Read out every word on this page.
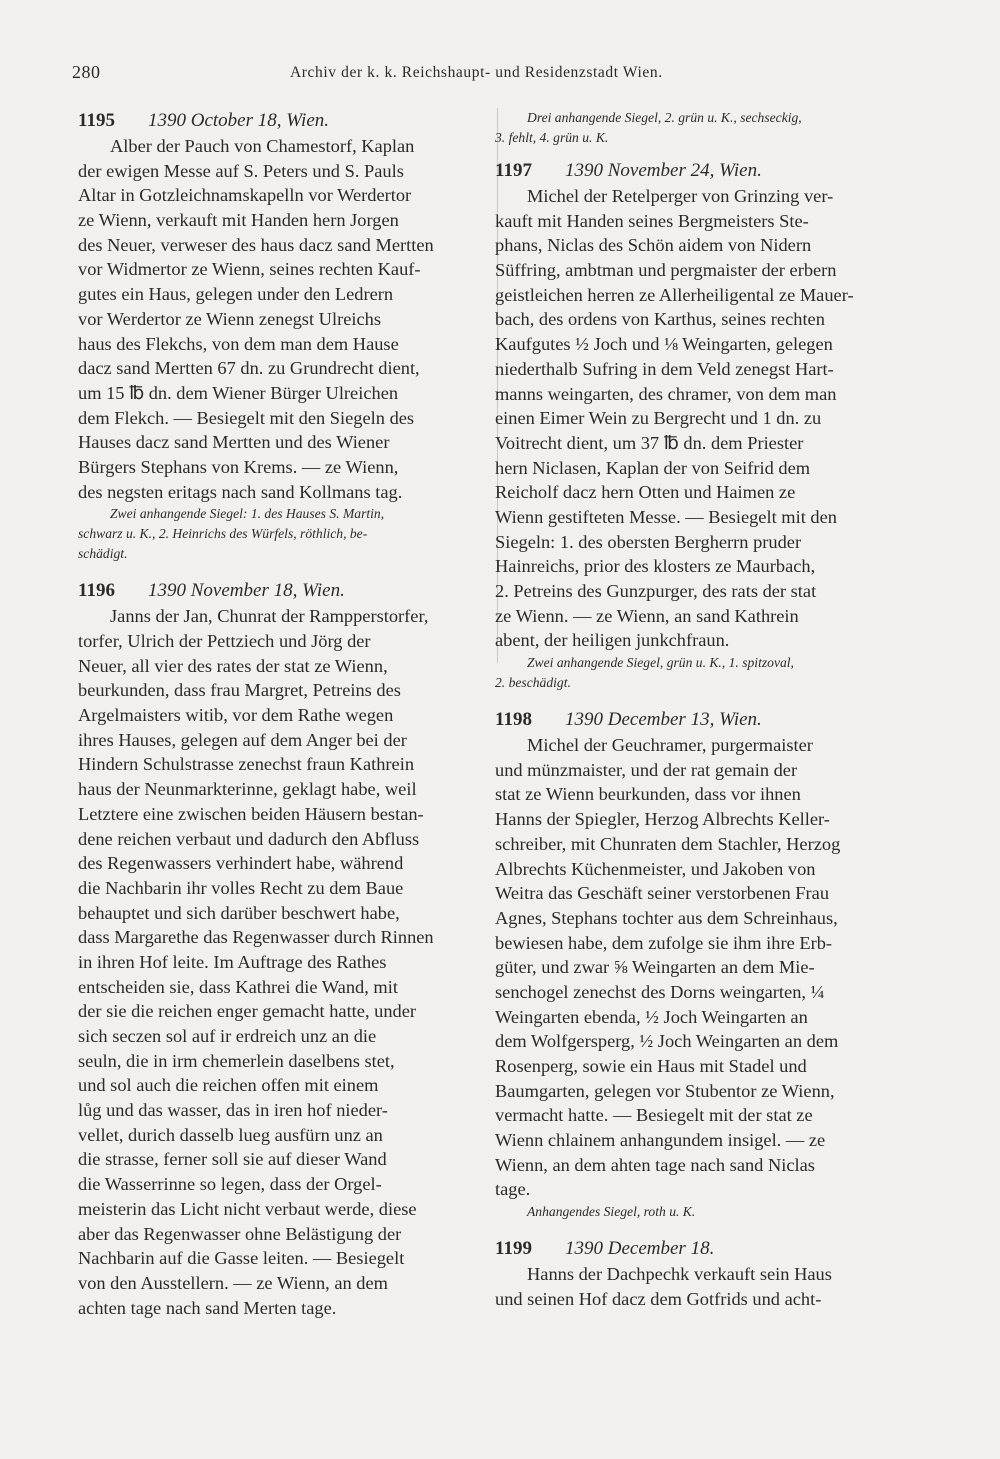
280	Archiv der k. k. Reichshaupt- und Residenzstadt Wien.
1195 1390 October 18, Wien.
Alber der Pauch von Chamestorf, Kaplan
der ewigen Messe auf S. Peters und S. Pauls
Altar in Gotzleichnamskapelln vor Werdertor
ze Wienn, verkauft mit Handen hern Jorgen
des Neuer, verweser des haus dacz sand Mertten
vor Widmertor ze Wienn, seines rechten Kauf-
gutes ein Haus, gelegen under den Ledrern
vor Werdertor ze Wienn zenegst Ulreichs
haus des Flekchs, von dem man dem Hause
dacz sand Mertten 67 dn. zu Grundrecht dient,
um 15 ℔ dn. dem Wiener Bürger Ulreichen
dem Flekch. — Besiegelt mit den Siegeln des
Hauses dacz sand Mertten und des Wiener
Bürgers Stephans von Krems. — ze Wienn,
des negsten eritags nach sand Kollmans tag.
Zwei anhangende Siegel: 1. des Hauses S. Martin,
schwarz u. K., 2. Heinrichs des Würfels, röthlich, be-
schädigt.
1196 1390 November 18, Wien.
Janns der Jan, Chunrat der Rampperstorfer,
torfer, Ulrich der Pettziech und Jörg der
Neuer, all vier des rates der stat ze Wienn,
beurkunden, dass frau Margret, Petreins des
Argelmaisters witib, vor dem Rathe wegen
ihres Hauses, gelegen auf dem Anger bei der
Hindern Schulstrasse zenechst fraun Kathrein
haus der Neunmarkterinne, geklagt habe, weil
Letztere eine zwischen beiden Häusern bestan-
dene reichen verbaut und dadurch den Abfluss
des Regenwassers verhindert habe, während
die Nachbarin ihr volles Recht zu dem Baue
behauptet und sich darüber beschwert habe,
dass Margarethe das Regenwasser durch Rinnen
in ihren Hof leite. Im Auftrage des Rathes
entscheiden sie, dass Kathrei die Wand, mit
der sie die reichen enger gemacht hatte, under
sich seczen sol auf ir erdreich unz an die
seuln, die in irm chemerlein daselbens stet,
und sol auch die reichen offen mit einem
lůg und das wasser, das in iren hof nieder-
vellet, durich dasselb lueg ausfürn unz an
die strasse, ferner soll sie auf dieser Wand
die Wasserrinne so legen, dass der Orgel-
meisterin das Licht nicht verbaut werde, diese
aber das Regenwasser ohne Belästigung der
Nachbarin auf die Gasse leiten. — Besiegelt
von den Ausstellern. — ze Wienn, an dem
achten tage nach sand Merten tage.
Drei anhangende Siegel, 2. grün u. K., sechseckig,
3. fehlt, 4. grün u. K.
1197 1390 November 24, Wien.
Michel der Retelperger von Grinzing ver-
kauft mit Handen seines Bergmeisters Ste-
phans, Niclas des Schön aidem von Nidern
Süffring, ambtman und pergmaister der erbern
geistleichen herren ze Allerheiligental ze Mauer-
bach, des ordens von Karthus, seines rechten
Kaufgutes ½ Joch und ⅛ Weingarten, gelegen
niederthalb Sufring in dem Veld zenegst Hart-
manns weingarten, des chramer, von dem man
einen Eimer Wein zu Bergrecht und 1 dn. zu
Voitrecht dient, um 37 ℔ dn. dem Priester
hern Niclasen, Kaplan der von Seifrid dem
Reicholf dacz hern Otten und Haimen ze
Wienn gestifteten Messe. — Besiegelt mit den
Siegeln: 1. des obersten Bergherrn pruder
Hainreichs, prior des klosters ze Maurbach,
2. Petreins des Gunzpurger, des rats der stat
ze Wienn. — ze Wienn, an sand Kathrein
abent, der heiligen junkchfraun.
Zwei anhangende Siegel, grün u. K., 1. spitzoval,
2. beschädigt.
1198 1390 December 13, Wien.
Michel der Geuchramer, purgermaister
und münzmaister, und der rat gemain der
stat ze Wienn beurkunden, dass vor ihnen
Hanns der Spiegler, Herzog Albrechts Keller-
schreiber, mit Chunraten dem Stachler, Herzog
Albrechts Küchenmeister, und Jakoben von
Weitra das Geschäft seiner verstorbenen Frau
Agnes, Stephans tochter aus dem Schreinhaus,
bewiesen habe, dem zufolge sie ihm ihre Erb-
güter, und zwar ⅝ Weingarten an dem Mie-
senchogel zenechst des Dorns weingarten, ¼
Weingarten ebenda, ½ Joch Weingarten an
dem Wolfgersperg, ½ Joch Weingarten an dem
Rosenperg, sowie ein Haus mit Stadel und
Baumgarten, gelegen vor Stubentor ze Wienn,
vermacht hatte. — Besiegelt mit der stat ze
Wienn chlainem anhangundem insigel. — ze
Wienn, an dem ahten tage nach sand Niclas
tage.
Anhangendes Siegel, roth u. K.
1199 1390 December 18.
Hanns der Dachpechk verkauft sein Haus
und seinen Hof dacz dem Gotfrids und acht-
